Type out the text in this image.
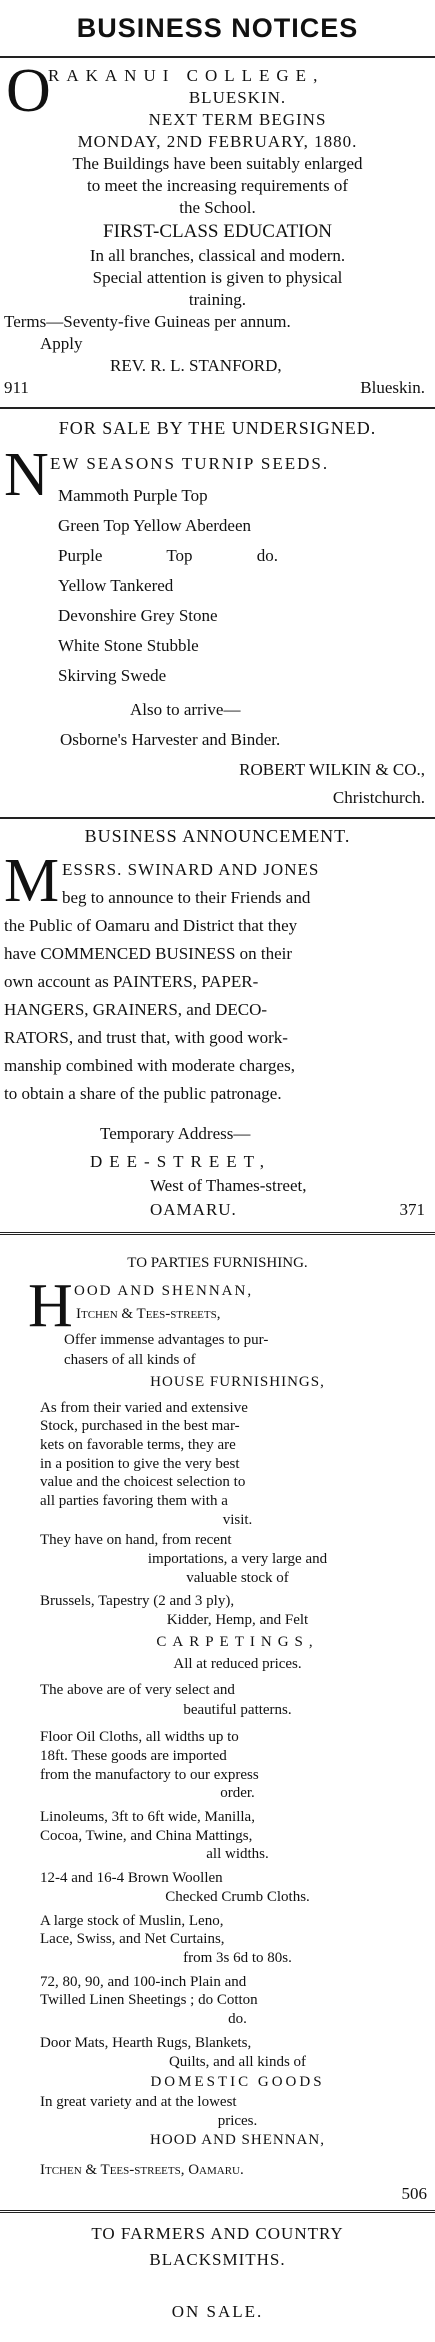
BUSINESS NOTICES
O
RAKANUI COLLEGE,
BLUESKIN.
NEXT TERM BEGINS
MONDAY, 2ND FEBRUARY, 1880.
The Buildings have been suitably enlarged
to meet the increasing requirements of
the School.
FIRST-CLASS EDUCATION
In all branches, classical and modern.
Special attention is given to physical
training.
Terms—Seventy-five Guineas per annum.
Apply
REV. R. L. STANFORD,
911	Blueskin.
FOR SALE BY THE UNDERSIGNED.
N EW SEASONS TURNIP SEEDS.
Mammoth Purple Top
Green Top Yellow Aberdeen
Purple Top do.
Yellow Tankered
Devonshire Grey Stone
White Stone Stubble
Skirving Swede
Also to arrive—
Osborne's Harvester and Binder.
ROBERT WILKIN & CO.,
Christchurch.
BUSINESS ANNOUNCEMENT.
M ESSRS. SWINARD AND JONES
beg to announce to their Friends and
the Public of Oamaru and District that they
have COMMENCED BUSINESS on their
own account as PAINTERS, PAPER-
HANGERS, GRAINERS, and DECO-
RATORS, and trust that, with good work-
manship combined with moderate charges,
to obtain a share of the public patronage.
Temporary Address—
DEE-STREET,
West of Thames-street,
OAMARU.	371
TO PARTIES FURNISHING.
H OOD AND SHENNAN,
Itchen & Tees-streets,
Offer immense advantages to pur-
chasers of all kinds of
HOUSE FURNISHINGS,
As from their varied and extensive
Stock, purchased in the best mar-
kets on favorable terms, they are
in a position to give the very best
value and the choicest selection to
all parties favoring them with a
visit.
They have on hand, from recent
importations, a very large and
valuable stock of
Brussels, Tapestry (2 and 3 ply),
Kidder, Hemp, and Felt
CARPETINGS,
All at reduced prices.
The above are of very select and
beautiful patterns.
Floor Oil Cloths, all widths up to
18ft. These goods are imported
from the manufactory to our express
order.
Linoleums, 3ft to 6ft wide, Manilla,
Cocoa, Twine, and China Mattings,
all widths.
12-4 and 16-4 Brown Woollen
Checked Crumb Cloths.
A large stock of Muslin, Leno,
Lace, Swiss, and Net Curtains,
from 3s 6d to 80s.
72, 80, 90, and 100-inch Plain and
Twilled Linen Sheetings ; do Cotton
do.
Door Mats, Hearth Rugs, Blankets,
Quilts, and all kinds of
DOMESTIC GOODS
In great variety and at the lowest
prices.
HOOD AND SHENNAN,
Itchen & Tees-streets, Oamaru.
506
TO FARMERS AND COUNTRY
BLACKSMITHS.
ON SALE.
